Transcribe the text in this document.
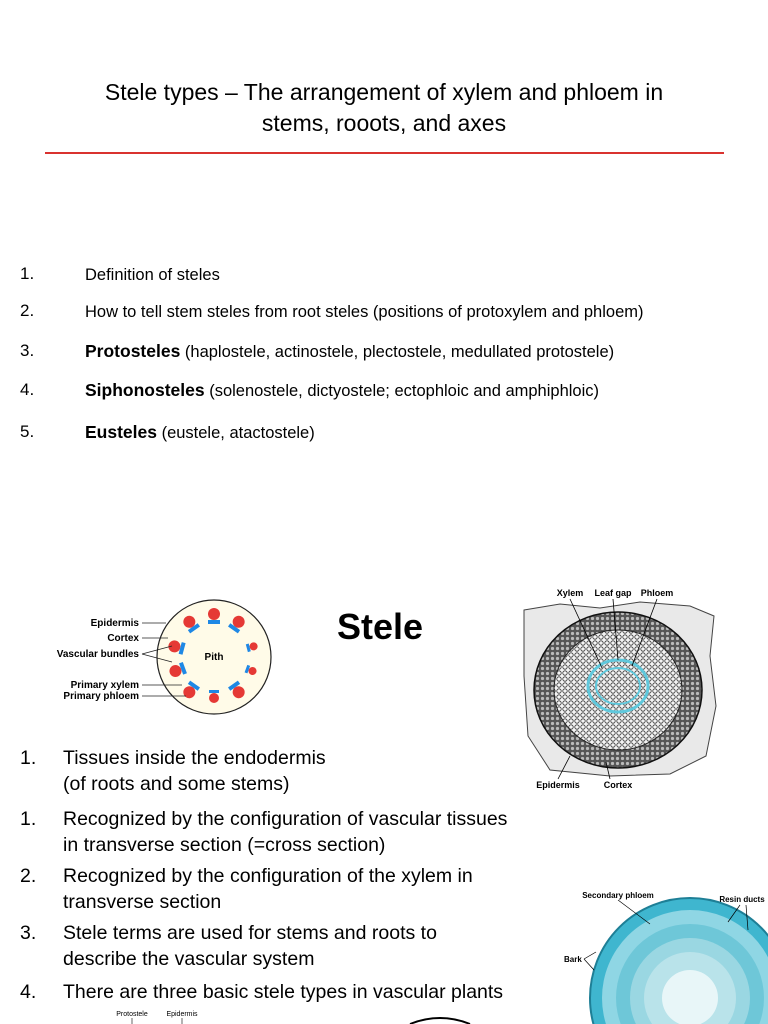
Stele types – The arrangement of xylem and phloem in
stems, rooots, and axes
1.	Definition of steles
2.	How to tell stem steles from root steles (positions of protoxylem and phloem)
3.	Protosteles (haplostele, actinostele, plectostele, medullated protostele)
4.	Siphonosteles (solenostele, dictyostele; ectophloic and amphiphloic)
5.	Eusteles (eustele, atactostele)
Pith
Epidermis
Cortex
Vascular bundles
Primary xylem
Primary phloem
Stele
Xylem Leaf gap Phloem
Epidermis	Cortex
1. Tissues inside the endodermis
(of roots and some stems)
1. Recognized by the configuration of vascular tissues
in transverse section (=cross section)
2. Recognized by the configuration of the xylem in
transverse section
3. Stele terms are used for stems and roots to
describe the vascular system
4. There are three basic stele types in vascular plants
Secondary phloem	Resin ducts
Bark
Protostele	Epidermis
